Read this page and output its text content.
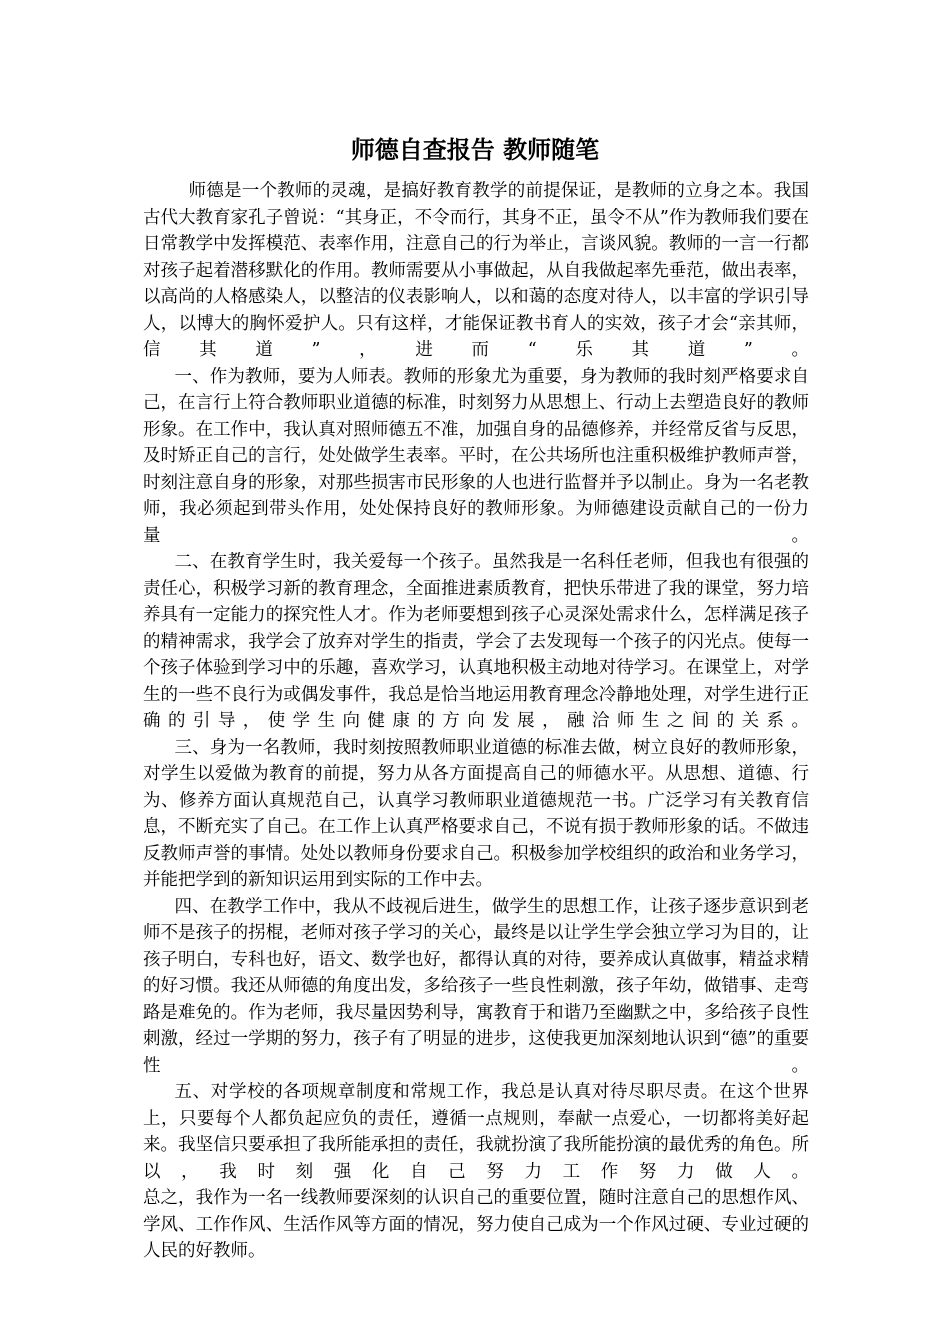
师德自查报告 教师随笔

师德是一个教师的灵魂，是搞好教育教学的前提保证，是教师的立身之本。我国古代大教育家孔子曾说：“其身正，不令而行，其身不正，虽令不从”作为教师我们要在日常教学中发挥模范、表率作用，注意自己的行为举止，言谈风貌。教师的一言一行都对孩子起着潜移默化的作用。教师需要从小事做起，从自我做起率先垂范，做出表率，以高尚的人格感染人，以整洁的仪表影响人，以和蔼的态度对待人，以丰富的学识引导人，以博大的胸怀爱护人。只有这样，才能保证教书育人的实效，孩子才会“亲其师，信其道”，进而“乐其道”。

一、作为教师，要为人师表。教师的形象尤为重要，身为教师的我时刻严格要求自己，在言行上符合教师职业道德的标准，时刻努力从思想上、行动上去塑造良好的教师形象。在工作中，我认真对照师德五不准，加强自身的品德修养，并经常反省与反思，及时矫正自己的言行，处处做学生表率。平时，在公共场所也注重积极维护教师声誉，时刻注意自身的形象，对那些损害市民形象的人也进行监督并予以制止。身为一名老教师，我必须起到带头作用，处处保持良好的教师形象。为师德建设贡献自己的一份力量。

二、在教育学生时，我关爱每一个孩子。虽然我是一名科任老师，但我也有很强的责任心，积极学习新的教育理念，全面推进素质教育，把快乐带进了我的课堂，努力培养具有一定能力的探究性人才。作为老师要想到孩子心灵深处需求什么，怎样满足孩子的精神需求，我学会了放弃对学生的指责，学会了去发现每一个孩子的闪光点。使每一个孩子体验到学习中的乐趣，喜欢学习，认真地积极主动地对待学习。在课堂上，对学生的一些不良行为或偶发事件，我总是恰当地运用教育理念冷静地处理，对学生进行正确的引导，使学生向健康的方向发展，融洽师生之间的关系。

三、身为一名教师，我时刻按照教师职业道德的标准去做，树立良好的教师形象，对学生以爱做为教育的前提，努力从各方面提高自己的师德水平。从思想、道德、行为、修养方面认真规范自己，认真学习教师职业道德规范一书。广泛学习有关教育信息，不断充实了自己。在工作上认真严格要求自己，不说有损于教师形象的话。不做违反教师声誉的事情。处处以教师身份要求自己。积极参加学校组织的政治和业务学习，并能把学到的新知识运用到实际的工作中去。

四、在教学工作中，我从不歧视后进生，做学生的思想工作，让孩子逐步意识到老师不是孩子的拐棍，老师对孩子学习的关心，最终是以让学生学会独立学习为目的，让孩子明白，专科也好，语文、数学也好，都得认真的对待，要养成认真做事，精益求精的好习惯。我还从师德的角度出发，多给孩子一些良性刺激，孩子年幼，做错事、走弯路是难免的。作为老师，我尽量因势利导，寓教育于和谐乃至幽默之中，多给孩子良性刺激，经过一学期的努力，孩子有了明显的进步，这使我更加深刻地认识到“德”的重要性。

五、对学校的各项规章制度和常规工作，我总是认真对待尽职尽责。在这个世界上，只要每个人都负起应负的责任，遵循一点规则，奉献一点爱心，一切都将美好起来。我坚信只要承担了我所能承担的责任，我就扮演了我所能扮演的最优秀的角色。所以，我时刻强化自己努力工作努力做人。

总之，我作为一名一线教师要深刻的认识自己的重要位置，随时注意自己的思想作风、学风、工作作风、生活作风等方面的情况，努力使自己成为一个作风过硬、专业过硬的人民的好教师。
